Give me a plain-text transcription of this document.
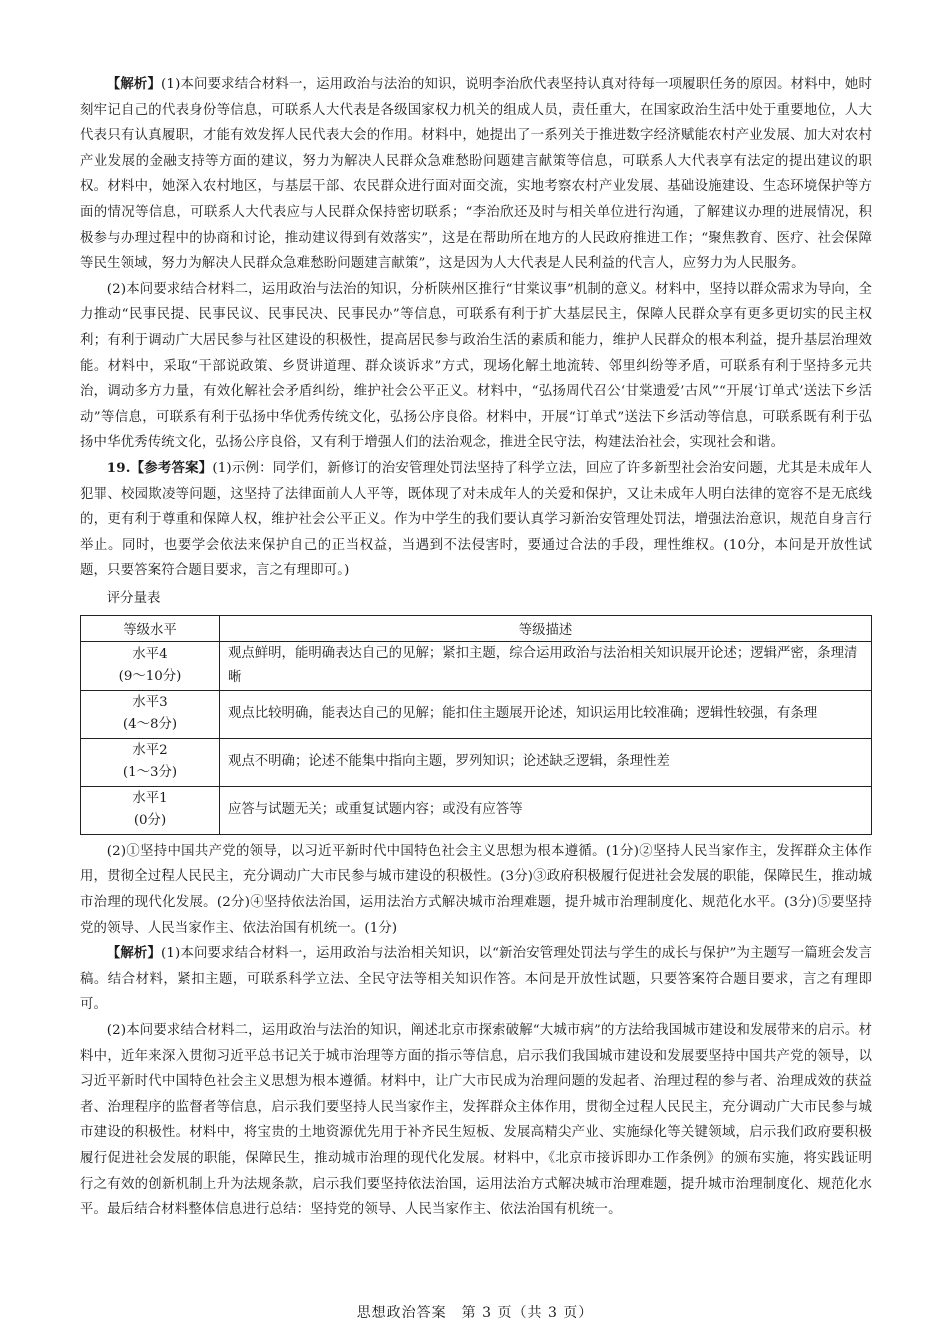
【解析】(1)本问要求结合材料一，运用政治与法治的知识，说明李治欣代表坚持认真对待每一项履职任务的原因。材料中，她时刻牢记自己的代表身份等信息，可联系人大代表是各级国家权力机关的组成人员，责任重大，在国家政治生活中处于重要地位，人大代表只有认真履职，才能有效发挥人民代表大会的作用。材料中，她提出了一系列关于推进数字经济赋能农村产业发展、加大对农村产业发展的金融支持等方面的建议，努力为解决人民群众急难愁盼问题建言献策等信息，可联系人大代表享有法定的提出建议的职权。材料中，她深入农村地区，与基层干部、农民群众进行面对面交流，实地考察农村产业发展、基础设施建设、生态环境保护等方面的情况等信息，可联系人大代表应与人民群众保持密切联系；“李治欣还及时与相关单位进行沟通，了解建议办理的进展情况，积极参与办理过程中的协商和讨论，推动建议得到有效落实”，这是在帮助所在地方的人民政府推进工作；“聚焦教育、医疗、社会保障等民生领域，努力为解决人民群众急难愁盼问题建言献策”，这是因为人大代表是人民利益的代言人，应努力为人民服务。

(2)本问要求结合材料二，运用政治与法治的知识，分析陕州区推行“甘棠议事”机制的意义。材料中，坚持以群众需求为导向，全力推动“民事民提、民事民议、民事民决、民事民办”等信息，可联系有利于扩大基层民主，保障人民群众享有更多更切实的民主权利；有利于调动广大居民参与社区建设的积极性，提高居民参与政治生活的素质和能力，维护人民群众的根本利益，提升基层治理效能。材料中，采取“干部说政策、乡贤讲道理、群众谈诉求”方式，现场化解土地流转、邻里纠纷等矛盾，可联系有利于坚持多元共治，调动多方力量，有效化解社会矛盾纠纷，维护社会公平正义。材料中，“弘扬周代召公‘甘棠遗爱’古风”“开展‘订单式’送法下乡活动”等信息，可联系有利于弘扬中华优秀传统文化，弘扬公序良俗。材料中，开展“订单式”送法下乡活动等信息，可联系既有利于弘扬中华优秀传统文化，弘扬公序良俗，又有利于增强人们的法治观念，推进全民守法，构建法治社会，实现社会和谐。

19.【参考答案】(1)示例：同学们，新修订的治安管理处罚法坚持了科学立法，回应了许多新型社会治安问题，尤其是未成年人犯罪、校园欺凌等问题，这坚持了法律面前人人平等，既体现了对未成年人的关爱和保护，又让未成年人明白法律的宽容不是无底线的，更有利于尊重和保障人权，维护社会公平正义。作为中学生的我们要认真学习新治安管理处罚法，增强法治意识，规范自身言行举止。同时，也要学会依法来保护自己的正当权益，当遇到不法侵害时，要通过合法的手段，理性维权。(10分，本问是开放性试题，只要答案符合题目要求，言之有理即可。)

评分量表

等级水平	等级描述
水平4
(9～10分)	观点鲜明，能明确表达自己的见解；紧扣主题，综合运用政治与法治相关知识展开论述；逻辑严密，条理清晰
水平3
(4～8分)	观点比较明确，能表达自己的见解；能扣住主题展开论述，知识运用比较准确；逻辑性较强，有条理
水平2
(1～3分)	观点不明确；论述不能集中指向主题，罗列知识；论述缺乏逻辑，条理性差
水平1
(0分)	应答与试题无关；或重复试题内容；或没有应答等

(2)①坚持中国共产党的领导，以习近平新时代中国特色社会主义思想为根本遵循。(1分)②坚持人民当家作主，发挥群众主体作用，贯彻全过程人民民主，充分调动广大市民参与城市建设的积极性。(3分)③政府积极履行促进社会发展的职能，保障民生，推动城市治理的现代化发展。(2分)④坚持依法治国，运用法治方式解决城市治理难题，提升城市治理制度化、规范化水平。(3分)⑤要坚持党的领导、人民当家作主、依法治国有机统一。(1分)

【解析】(1)本问要求结合材料一，运用政治与法治相关知识，以“新治安管理处罚法与学生的成长与保护”为主题写一篇班会发言稿。结合材料，紧扣主题，可联系科学立法、全民守法等相关知识作答。本问是开放性试题，只要答案符合题目要求，言之有理即可。

(2)本问要求结合材料二，运用政治与法治的知识，阐述北京市探索破解“大城市病”的方法给我国城市建设和发展带来的启示。材料中，近年来深入贯彻习近平总书记关于城市治理等方面的指示等信息，启示我们我国城市建设和发展要坚持中国共产党的领导，以习近平新时代中国特色社会主义思想为根本遵循。材料中，让广大市民成为治理问题的发起者、治理过程的参与者、治理成效的获益者、治理程序的监督者等信息，启示我们要坚持人民当家作主，发挥群众主体作用，贯彻全过程人民民主，充分调动广大市民参与城市建设的积极性。材料中，将宝贵的土地资源优先用于补齐民生短板、发展高精尖产业、实施绿化等关键领域，启示我们政府要积极履行促进社会发展的职能，保障民生，推动城市治理的现代化发展。材料中，《北京市接诉即办工作条例》的颁布实施，将实践证明行之有效的创新机制上升为法规条款，启示我们要坚持依法治国，运用法治方式解决城市治理难题，提升城市治理制度化、规范化水平。最后结合材料整体信息进行总结：坚持党的领导、人民当家作主、依法治国有机统一。

思想政治答案　第 3 页（共 3 页）
